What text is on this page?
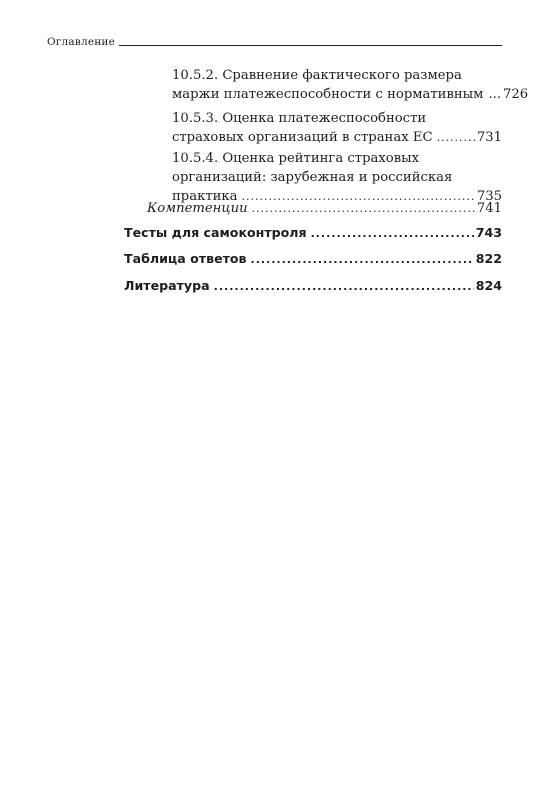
Оглавление
10.5.2. Сравнение фактического размера
маржи платежеспособности с нормативным ... 726
10.5.3. Оценка платежеспособности
страховых организаций в странах ЕС .....	731
10.5.4. Оценка рейтинга страховых
организаций: зарубежная и российская
практика .....	735
Компетенции .....	741
Тесты для самоконтроля .....	743
Таблица ответов .....	822
Литература .....	824
